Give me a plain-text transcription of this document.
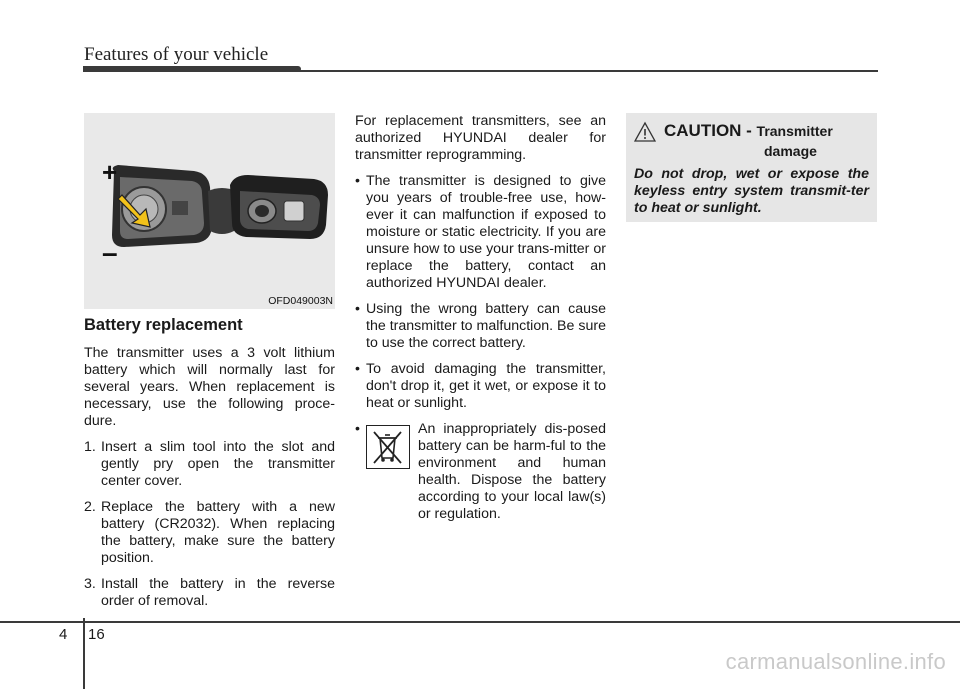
Features of your vehicle
+
–
OFD049003N
Battery replacement

The transmitter uses a 3 volt lithium battery which will normally last for several years. When replacement is necessary, use the following proce-dure.

1. Insert a slim tool into the slot and gently pry open the transmitter center cover.
2. Replace the battery with a new battery (CR2032). When replacing the battery, make sure the battery position.
3. Install the battery in the reverse order of removal.

For replacement transmitters, see an authorized HYUNDAI dealer for transmitter reprogramming.

• The transmitter is designed to give you years of trouble-free use, how-ever it can malfunction if exposed to moisture or static electricity. If you are unsure how to use your trans-mitter or replace the battery, contact an authorized HYUNDAI dealer.
• Using the wrong battery can cause the transmitter to malfunction. Be sure to use the correct battery.
• To avoid damaging the transmitter, don't drop it, get it wet, or expose it to heat or sunlight.
•	An inappropriately dis-posed battery can be harm-ful to the environment and human health. Dispose the battery according to your local law(s) or regulation.
CAUTION - Transmitter
damage
Do not drop, wet or expose the keyless entry system transmit-ter to heat or sunlight.
4 16
carmanualsonline.info
